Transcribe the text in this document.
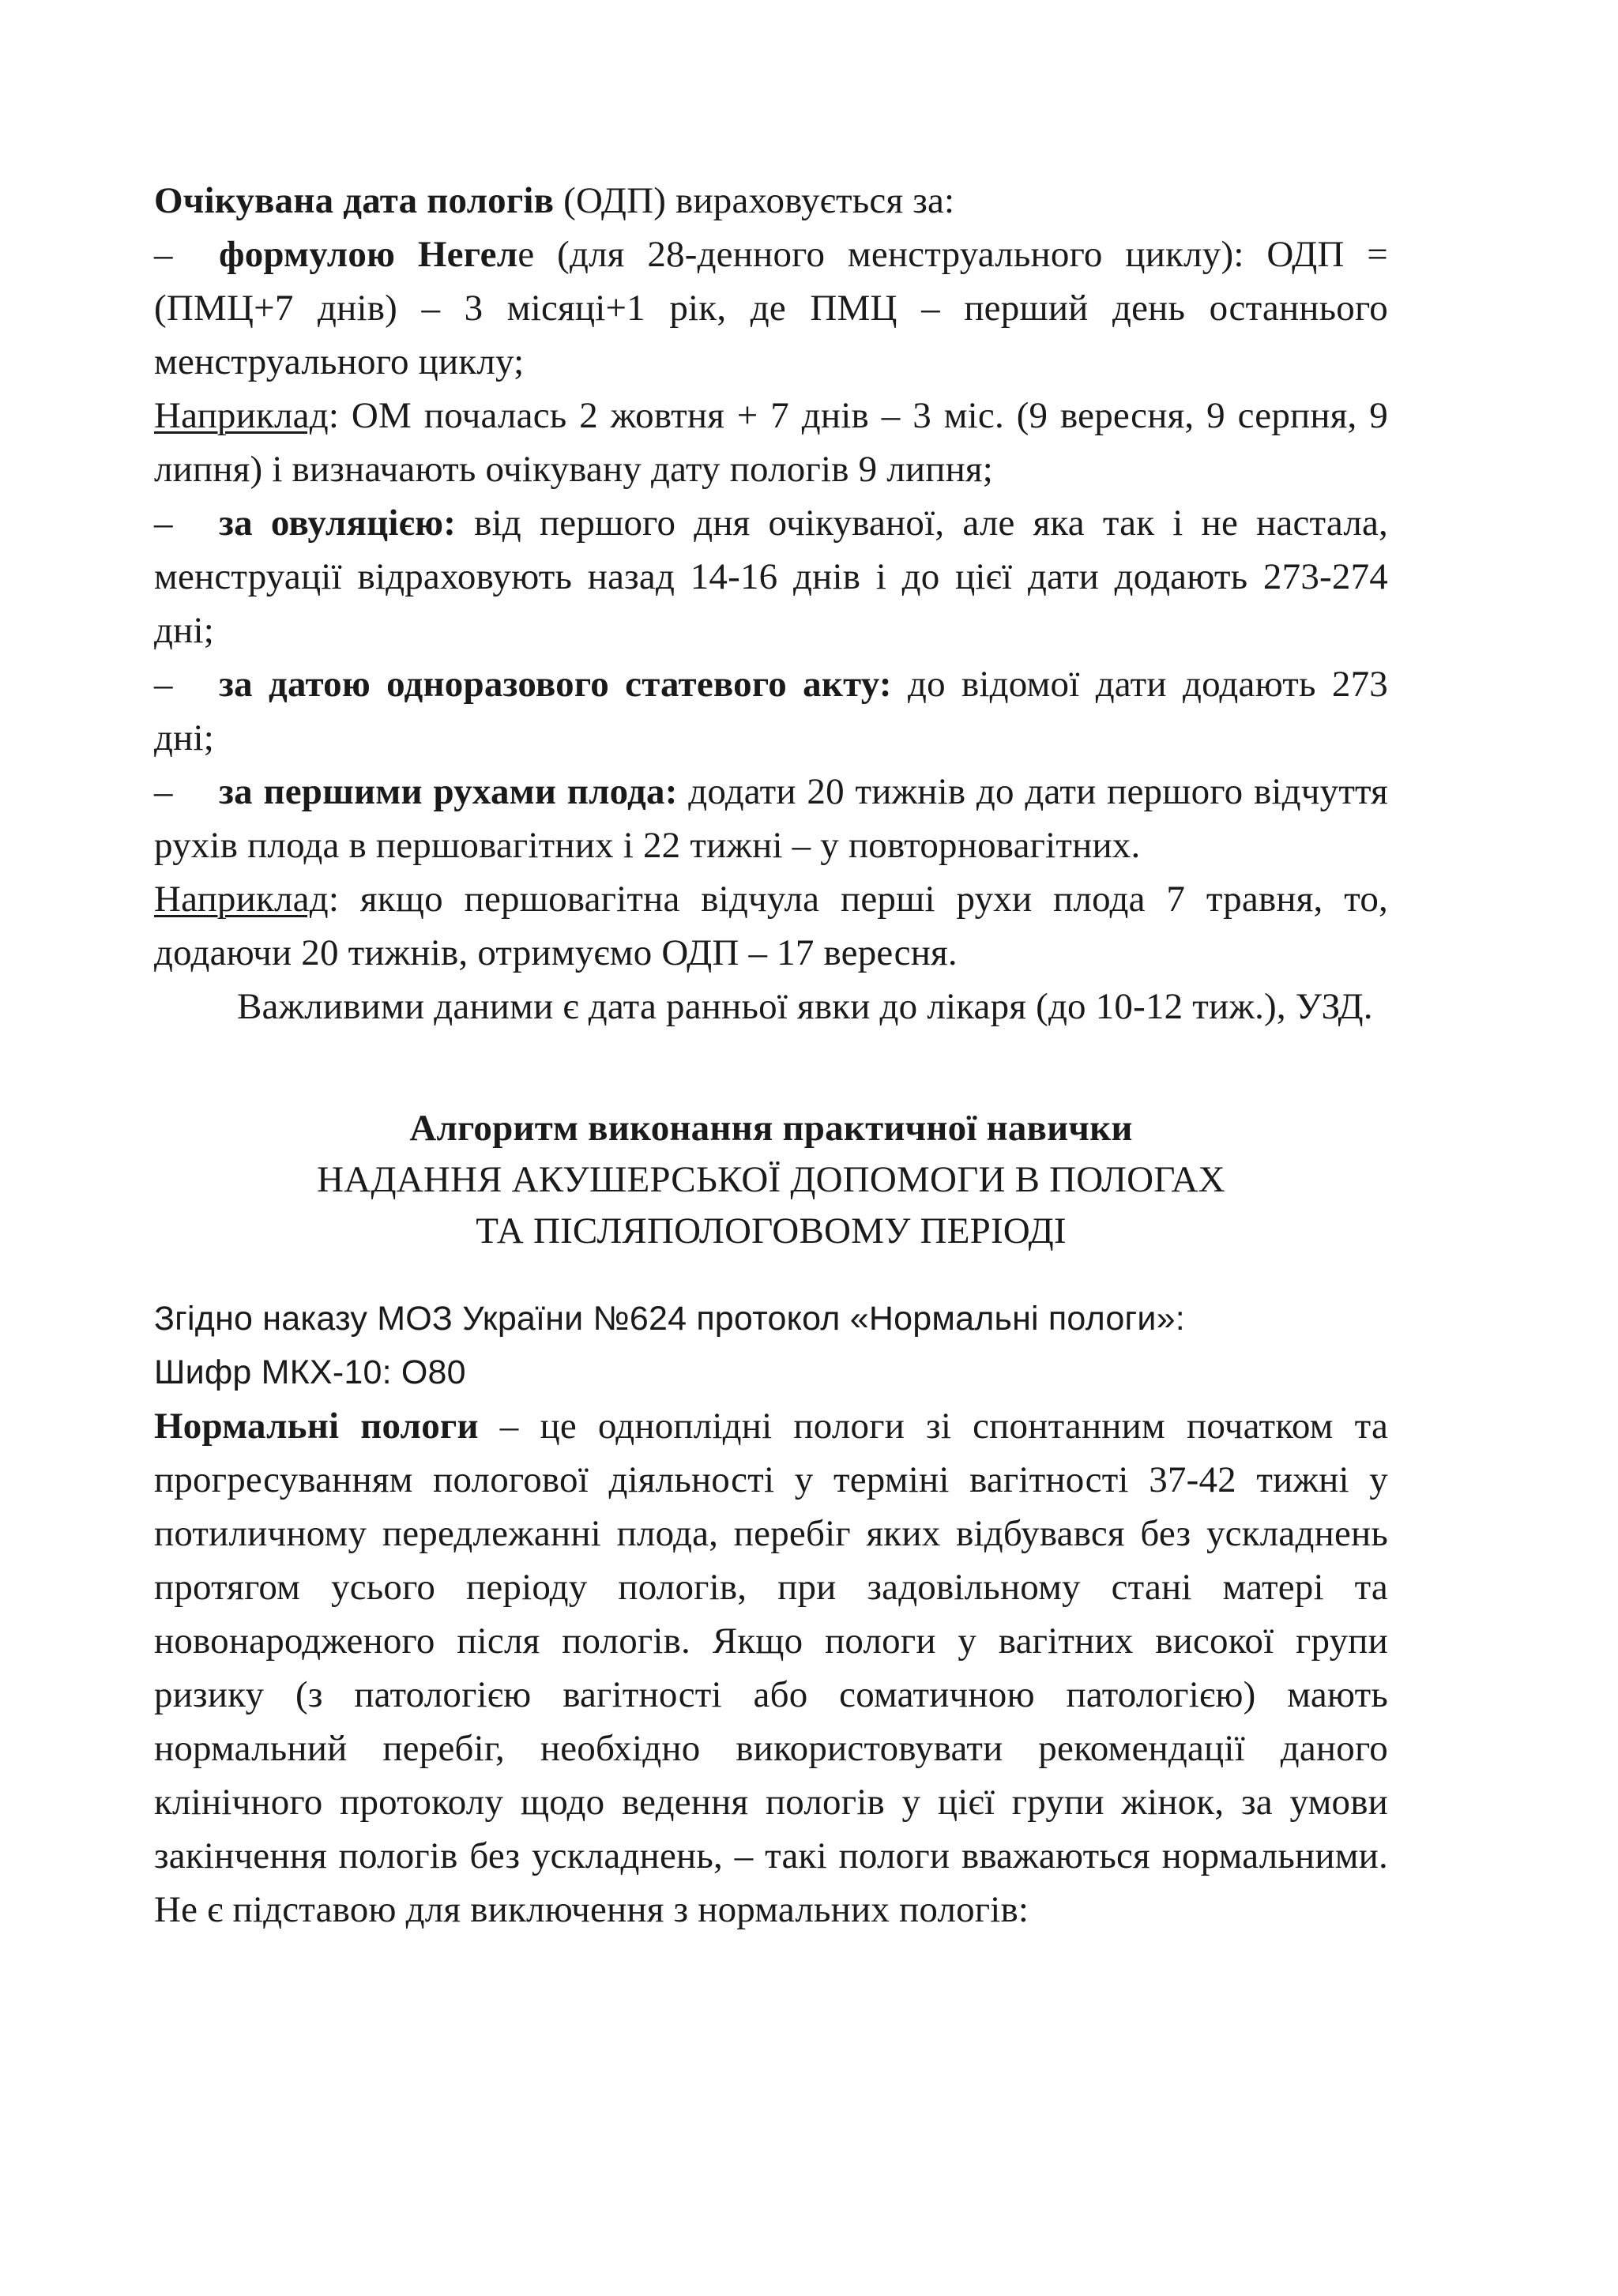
Очікувана дата пологів (ОДП) вираховується за:

– формулою Негеле (для 28-денного менструального циклу): ОДП = (ПМЦ+7 днів) – 3 місяці+1 рік, де ПМЦ – перший день останнього менструального циклу;

Наприклад: ОМ почалась 2 жовтня + 7 днів – 3 міс. (9 вересня, 9 серпня, 9 липня) і визначають очікувану дату пологів 9 липня;

– за овуляцією: від першого дня очікуваної, але яка так і не настала, менструації відраховують назад 14-16 днів і до цієї дати додають 273-274 дні;

– за датою одноразового статевого акту: до відомої дати додають 273 дні;

– за першими рухами плода: додати 20 тижнів до дати першого відчуття рухів плода в першовагітних і 22 тижні – у повторновагітних.

Наприклад: якщо першовагітна відчула перші рухи плода 7 травня, то, додаючи 20 тижнів, отримуємо ОДП – 17 вересня.

Важливими даними є дата ранньої явки до лікаря (до 10-12 тиж.), УЗД.

Алгоритм виконання практичної навички
НАДАННЯ АКУШЕРСЬКОЇ ДОПОМОГИ В ПОЛОГАХ
ТА ПІСЛЯПОЛОГОВОМУ ПЕРІОДІ

Згідно наказу МОЗ України №624 протокол «Нормальні пологи»:

Шифр МКХ-10: О80

Нормальні пологи – це одноплідні пологи зі спонтанним початком та прогресуванням пологової діяльності у терміні вагітності 37-42 тижні у потиличному передлежанні плода, перебіг яких відбувався без ускладнень протягом усього періоду пологів, при задовільному стані матері та новонародженого після пологів. Якщо пологи у вагітних високої групи ризику (з патологією вагітності або соматичною патологією) мають нормальний перебіг, необхідно використовувати рекомендації даного клінічного протоколу щодо ведення пологів у цієї групи жінок, за умови закінчення пологів без ускладнень, – такі пологи вважаються нормальними. Не є підставою для виключення з нормальних пологів:
